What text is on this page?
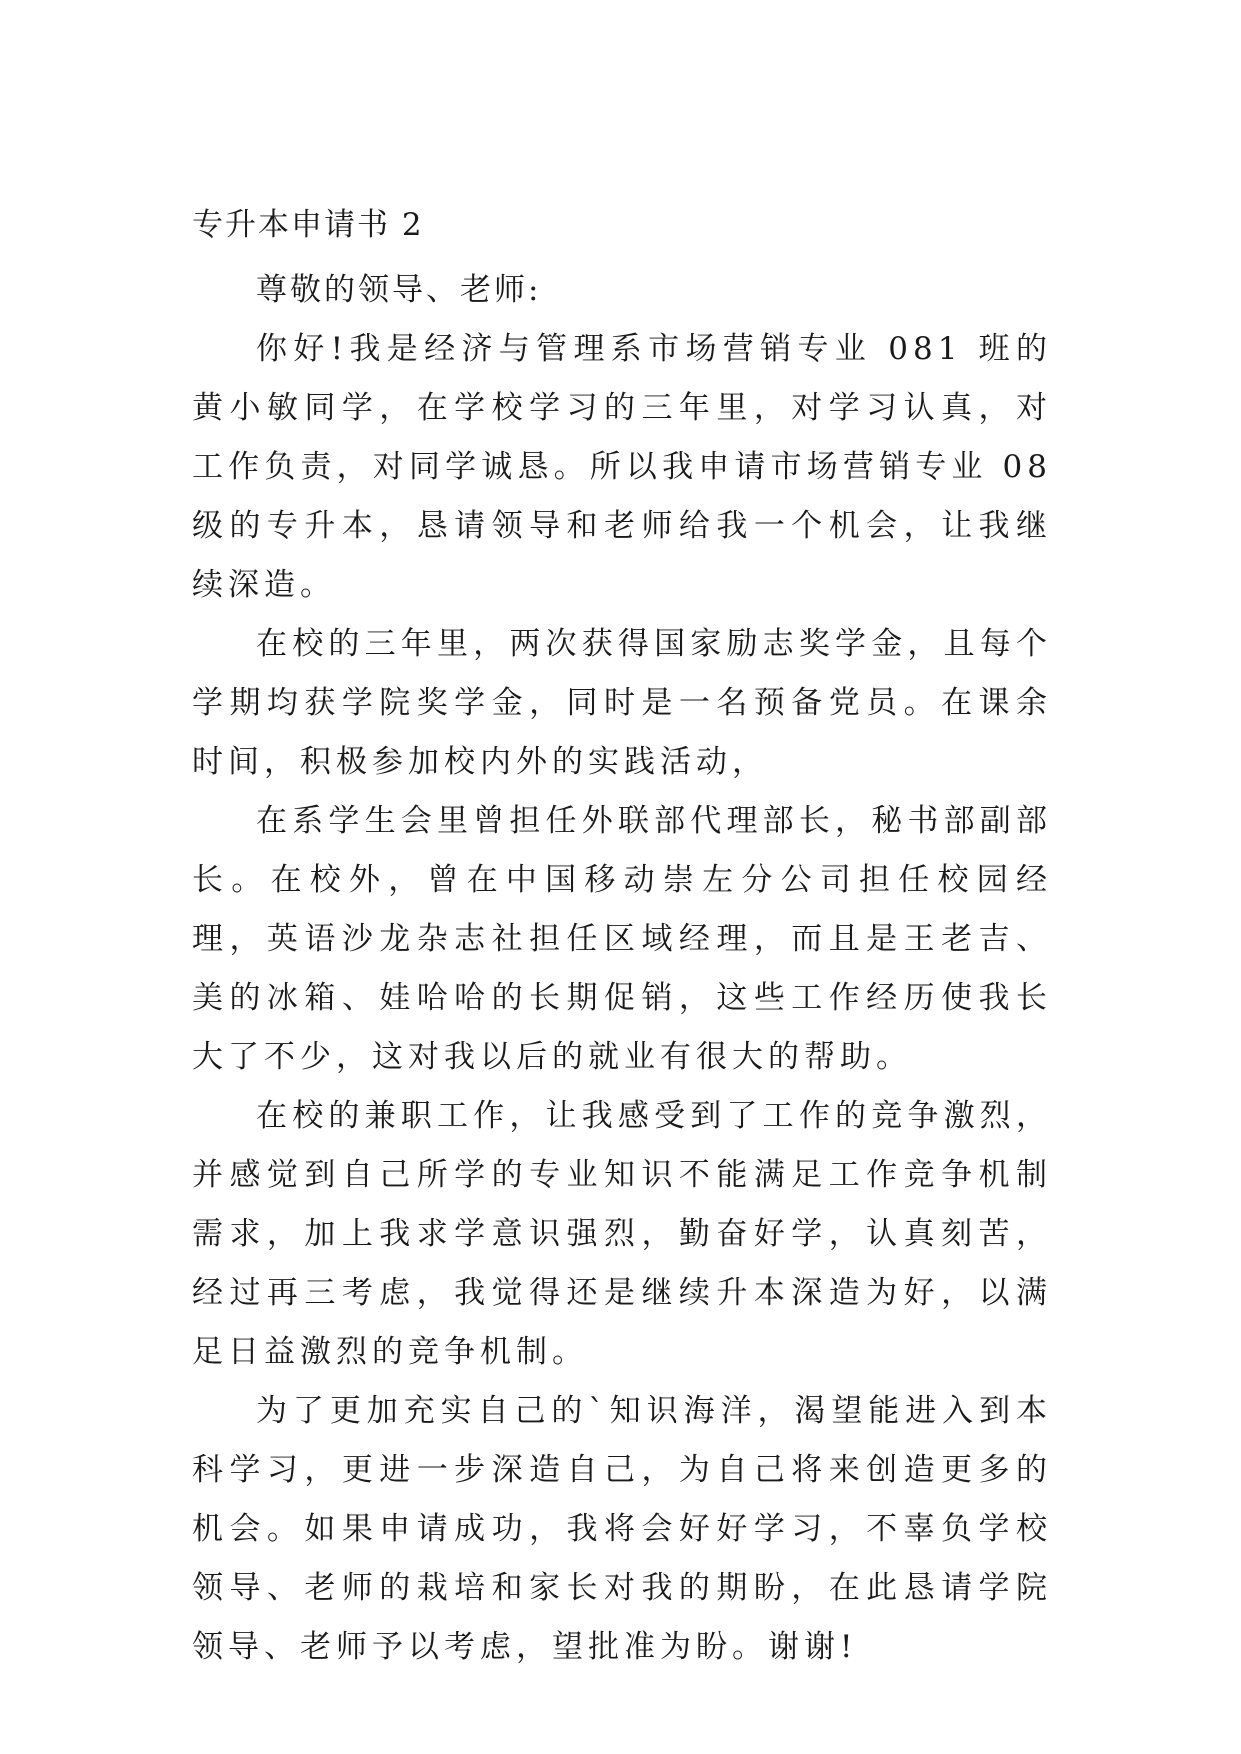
专升本申请书 2

尊敬的领导、老师:

你好!我是经济与管理系市场营销专业 081 班的黄小敏同学，在学校学习的三年里，对学习认真，对工作负责，对同学诚恳。所以我申请市场营销专业 08 级的专升本，恳请领导和老师给我一个机会，让我继续深造。

在校的三年里，两次获得国家励志奖学金，且每个学期均获学院奖学金，同时是一名预备党员。在课余时间，积极参加校内外的实践活动，

在系学生会里曾担任外联部代理部长，秘书部副部长。在校外，曾在中国移动崇左分公司担任校园经理，英语沙龙杂志社担任区域经理，而且是王老吉、美的冰箱、娃哈哈的长期促销，这些工作经历使我长大了不少，这对我以后的就业有很大的帮助。

在校的兼职工作，让我感受到了工作的竞争激烈，并感觉到自己所学的专业知识不能满足工作竞争机制需求，加上我求学意识强烈，勤奋好学，认真刻苦，经过再三考虑，我觉得还是继续升本深造为好，以满足日益激烈的竞争机制。

为了更加充实自己的`知识海洋，渴望能进入到本科学习，更进一步深造自己，为自己将来创造更多的机会。如果申请成功，我将会好好学习，不辜负学校领导、老师的栽培和家长对我的期盼，在此恳请学院领导、老师予以考虑，望批准为盼。谢谢!
